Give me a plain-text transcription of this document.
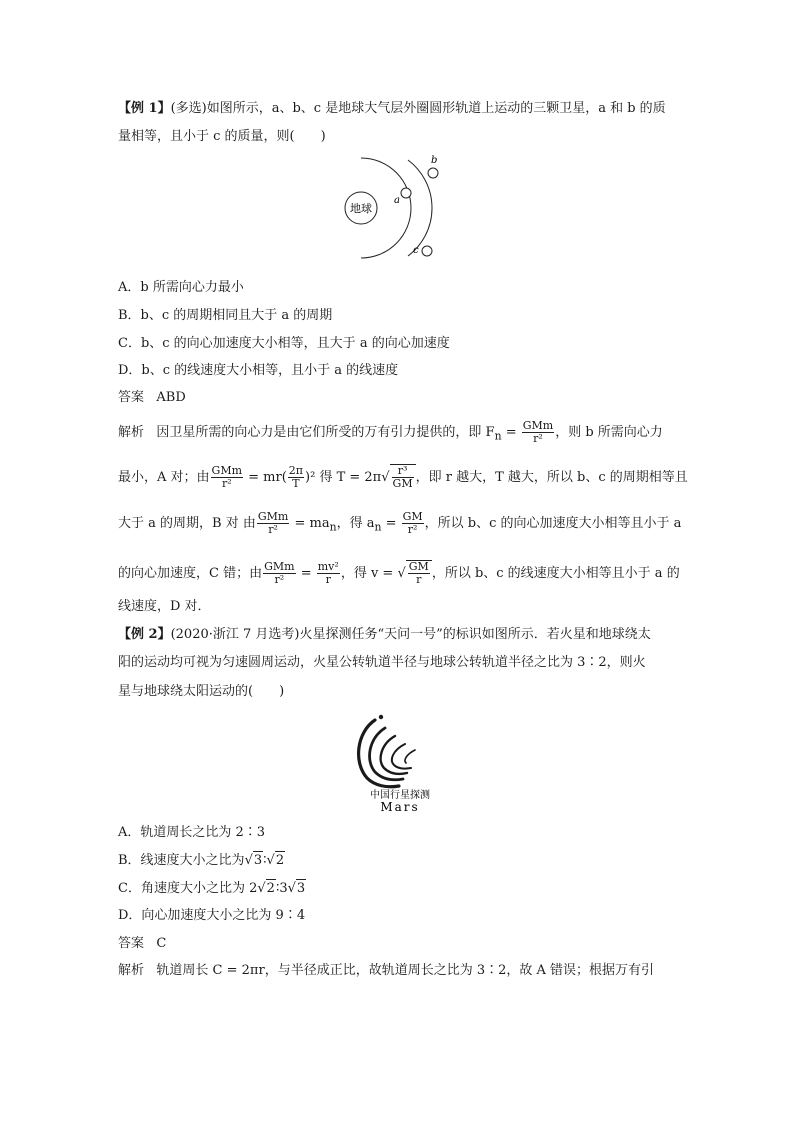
【例 1】(多选)如图所示，a、b、c 是地球大气层外圈圆形轨道上运动的三颗卫星，a 和 b 的质
量相等，且小于 c 的质量，则(　　)
地球
a
b
c
A．b 所需向心力最小
B．b、c 的周期相同且大于 a 的周期
C．b、c 的向心加速度大小相等，且大于 a 的向心加速度
D．b、c 的线速度大小相等，且小于 a 的线速度
答案 ABD
解析 因卫星所需的向心力是由它们所受的万有引力提供的，即 $F_n = \frac{\text{GMm}}{\text{r²}}$ ，则 b 所需向心力
最小，A 对；由 $\frac{\text{GMm}}{\text{r²}} = mr( \frac{2\pi}{T} )^2$ 得 $T = 2\pi√ \frac{\text{r³}}{GM}$ ，即 r 越大，T 越大，所以 b、c 的周期相等且
大于 a 的周期，B 对 由 $\frac{\text{GMm}}{\text{r²}} = ma_n$，得 $a_n = \frac{GM}{\text{r²}}$ ，所以 b、c 的向心加速度大小相等且小于 a
的向心加速度，C 错；由 $\frac{\text{GMm}}{\text{r²}} = \frac{\text{mv²}}{r}$ ，得 v = √ $\frac{GM}{r}$ ，所以 b、c 的线速度大小相等且小于 a 的
线速度，D 对．
【例 2】(2020·浙江 7 月选考)火星探测任务“天问一号”的标识如图所示．若火星和地球绕太
阳的运动均可视为匀速圆周运动，火星公转轨道半径与地球公转轨道半径之比为 3∶2，则火
星与地球绕太阳运动的(　　)
中国行星探测
Mars
A．轨道周长之比为 2∶3
B．线速度大小之比为√3∶√2
C．角速度大小之比为 2√2∶3√3
D．向心加速度大小之比为 9∶4
答案 C
解析 轨道周长 C = 2πr，与半径成正比，故轨道周长之比为 3∶2，故 A 错误；根据万有引
